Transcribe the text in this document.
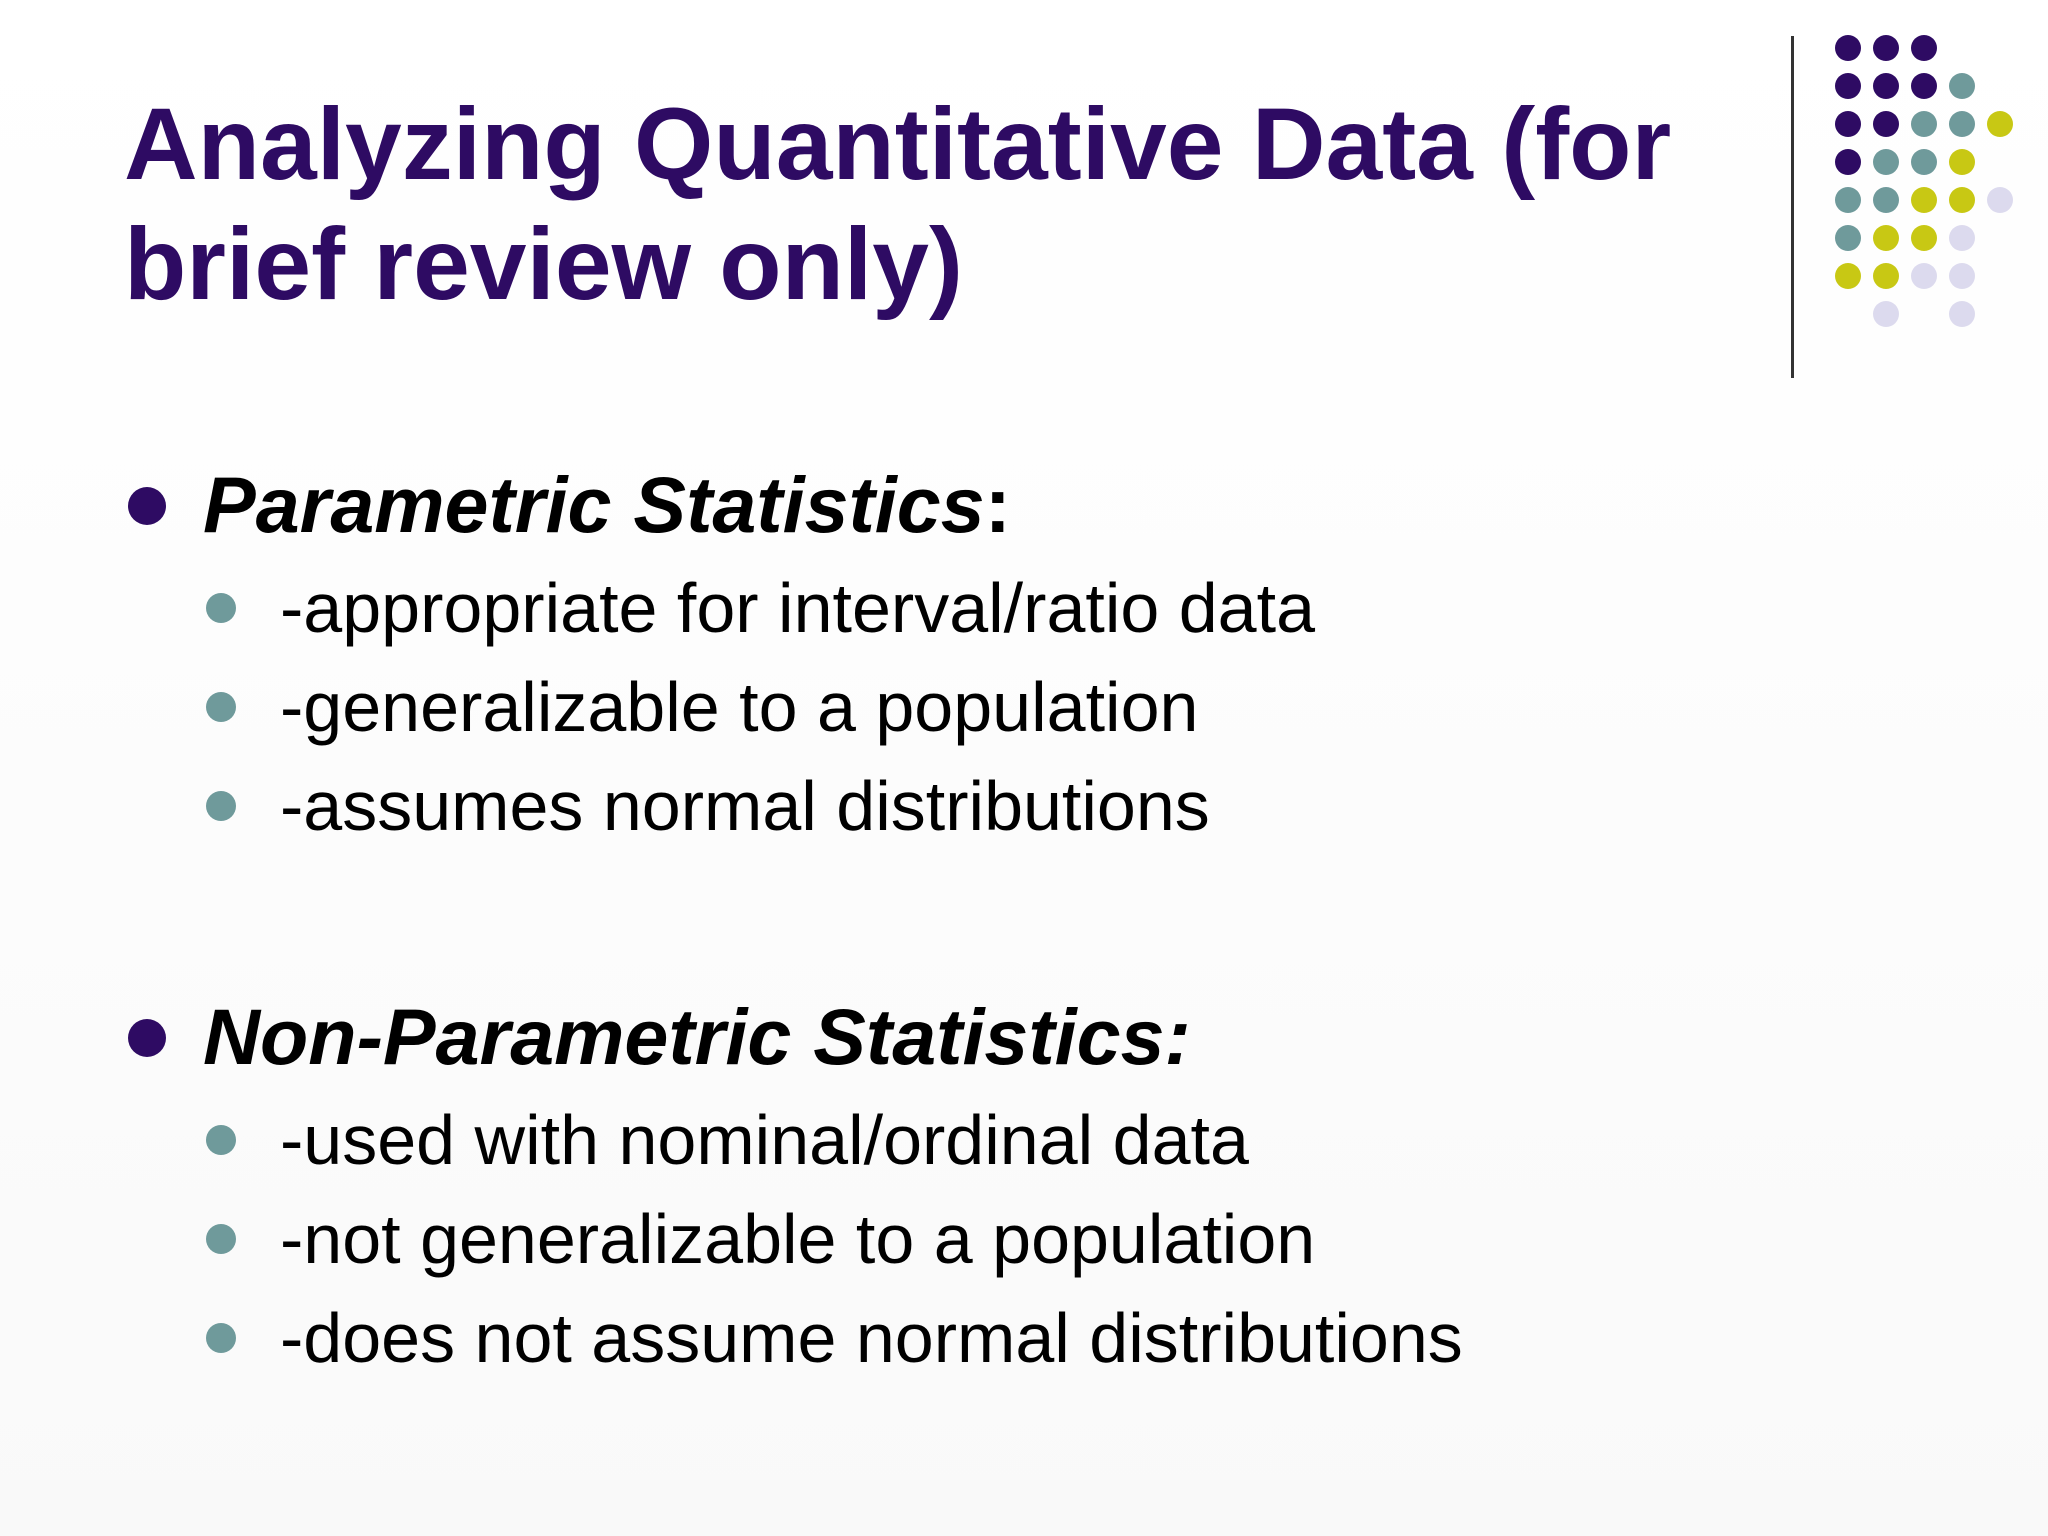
Analyzing Quantitative Data (for brief review only)
Parametric Statistics:
-appropriate for interval/ratio data
-generalizable to a population
-assumes normal distributions
Non-Parametric Statistics:
-used with nominal/ordinal data
-not generalizable to a population
-does not assume normal distributions
